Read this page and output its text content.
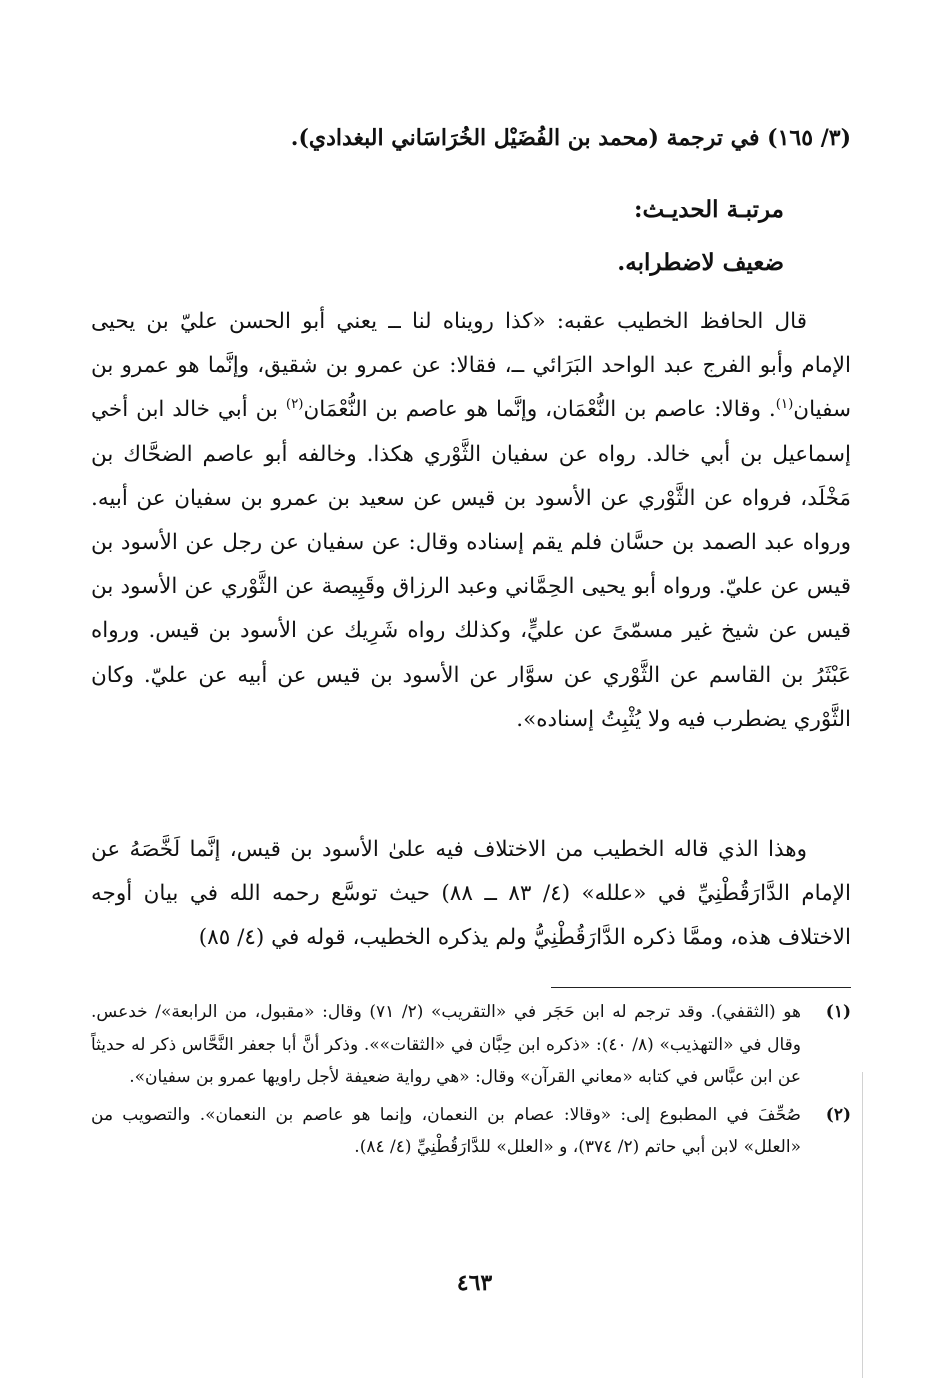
(٣/ ١٦٥) في ترجمة (محمد بن الفُضَيْل الخُرَاسَاني البغدادي).
مرتبـة الحديـث:
ضعيف لاضطرابه.
قال الحافظ الخطيب عقبه: «كذا رويناه لنا ــ يعني أبو الحسن عليّ بن يحيى الإمام وأبو الفرج عبد الواحد البَرَائي ــ، فقالا: عن عمرو بن شقيق، وإنَّما هو عمرو بن سفيان$^{(١)}$. وقالا: عاصم بن النُّعْمَان، وإنَّما هو عاصم بن النُّعْمَان$^{(٢)}$ بن أبي خالد ابن أخي إسماعيل بن أبي خالد. رواه عن سفيان الثَّوْري هكذا. وخالفه أبو عاصم الضحَّاك بن مَخْلَد، فرواه عن الثَّوْري عن الأسود بن قيس عن سعيد بن عمرو بن سفيان عن أبيه. ورواه عبد الصمد بن حسَّان فلم يقم إسناده وقال: عن سفيان عن رجل عن الأسود بن قيس عن عليّ. ورواه أبو يحيى الحِمَّاني وعبد الرزاق وقَبِيصة عن الثَّوْري عن الأسود بن قيس عن شيخ غير مسمّىً عن عليٍّ، وكذلك رواه شَرِيك عن الأسود بن قيس. ورواه عَبْثَرُ بن القاسم عن الثَّوْري عن سوَّار عن الأسود بن قيس عن أبيه عن عليّ. وكان الثَّوْري يضطرب فيه ولا يُثْبِتُ إسناده».
وهذا الذي قاله الخطيب من الاختلاف فيه علىٰ الأسود بن قيس، إنَّما لَخَّصَهُ عن الإمام الدَّارَقُطْنِيِّ في «علله» (٤/ ٨٣ ــ ٨٨) حيث توسَّع رحمه الله في بيان أوجه الاختلاف هذه، وممَّا ذكره الدَّارَقُطْنِيُّ ولم يذكره الخطيب، قوله في (٤/ ٨٥)
(١)
هو (الثقفي). وقد ترجم له ابن حَجَر في «التقريب» (٢/ ٧١) وقال: «مقبول، من الرابعة»/ خدعس. وقال في «التهذيب» (٨/ ٤٠): «ذكره ابن حِبَّان في «الثقات»». وذكر أنَّ أبا جعفر النَّحَّاس ذكر له حديثاً عن ابن عبَّاس في كتابه «معاني القرآن» وقال: «هي رواية ضعيفة لأجل راويها عمرو بن سفيان».
(٢)
صُحِّفَ في المطبوع إلى: «وقالا: عصام بن النعمان، وإنما هو عاصم بن النعمان». والتصويب من «العلل» لابن أبي حاتم (٢/ ٣٧٤)، و «العلل» للدَّارَقُطْنِيِّ (٤/ ٨٤).
٤٦٣
